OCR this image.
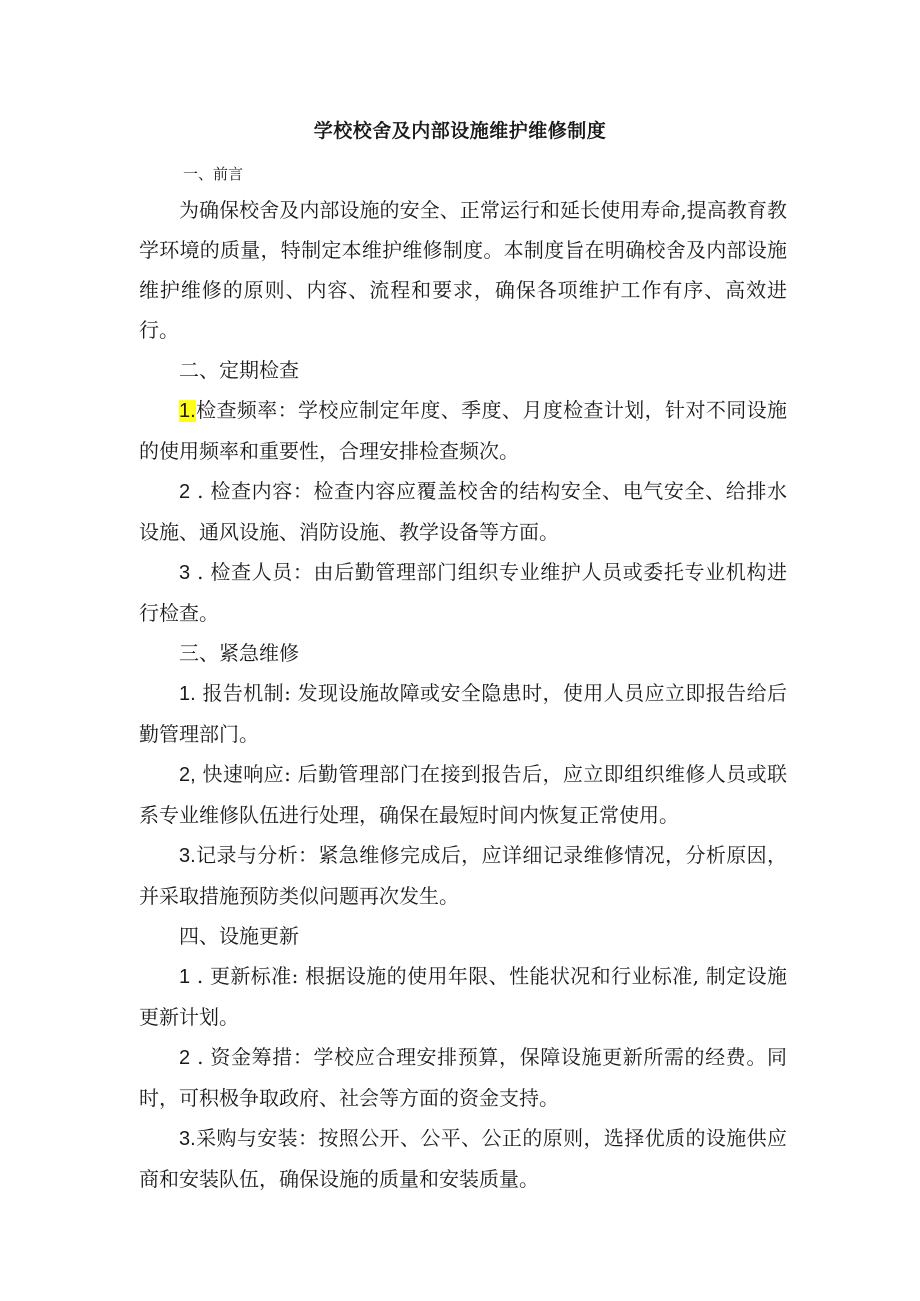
学校校舍及内部设施维护维修制度
一、前言

为确保校舍及内部设施的安全、正常运行和延长使用寿命,提高教育教学环境的质量，特制定本维护维修制度。本制度旨在明确校舍及内部设施维护维修的原则、内容、流程和要求，确保各项维护工作有序、高效进行。

二、定期检查

1.检查频率：学校应制定年度、季度、月度检查计划，针对不同设施的使用频率和重要性，合理安排检查频次。

2 . 检查内容：检查内容应覆盖校舍的结构安全、电气安全、给排水设施、通风设施、消防设施、教学设备等方面。

3 . 检查人员：由后勤管理部门组织专业维护人员或委托专业机构进行检查。

三、紧急维修

1. 报告机制: 发现设施故障或安全隐患时，使用人员应立即报告给后勤管理部门。

2, 快速响应: 后勤管理部门在接到报告后，应立即组织维修人员或联系专业维修队伍进行处理，确保在最短时间内恢复正常使用。

3.记录与分析：紧急维修完成后，应详细记录维修情况，分析原因，并采取措施预防类似问题再次发生。

四、设施更新

1 . 更新标准: 根据设施的使用年限、性能状况和行业标准, 制定设施更新计划。

2 . 资金筹措：学校应合理安排预算，保障设施更新所需的经费。同时，可积极争取政府、社会等方面的资金支持。

3.采购与安装：按照公开、公平、公正的原则，选择优质的设施供应商和安装队伍，确保设施的质量和安装质量。
